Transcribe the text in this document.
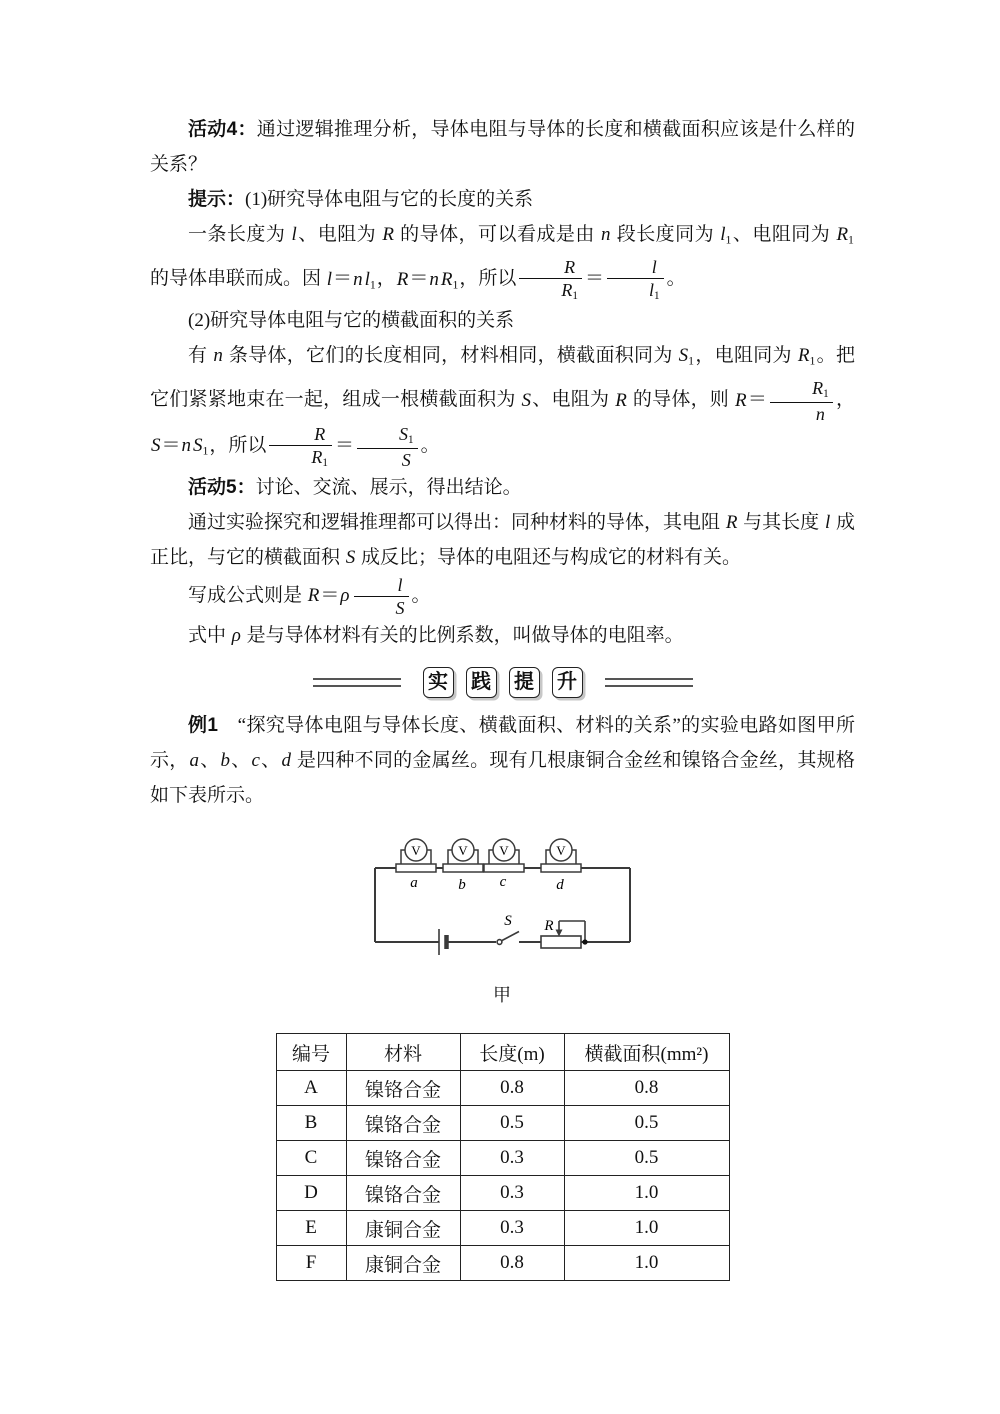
活动4：通过逻辑推理分析，导体电阻与导体的长度和横截面积应该是什么样的关系？

提示：(1)研究导体电阻与它的长度的关系

一条长度为 l、电阻为 R 的导体，可以看成是由 n 段长度同为 $l_1$、电阻同为 $R_1$ 的导体串联而成。因 l＝n $l_1$，R＝n $R_1$，所以 $\frac{R}{R_1} = \frac{l}{l_1}$ 。

(2)研究导体电阻与它的横截面积的关系

有 n 条导体，它们的长度相同，材料相同，横截面积同为 $S_1$，电阻同为 $R_1$。把它们紧紧地束在一起，组成一根横截面积为 S、电阻为 R 的导体，则 $R= \frac{R_1}{n}$ ，S＝n $S_1$，所以 $\frac{R}{R_1} = \frac{S_1}{S}$ 。

活动5：讨论、交流、展示，得出结论。

通过实验探究和逻辑推理都可以得出：同种材料的导体，其电阻 R 与其长度 l 成正比，与它的横截面积 S 成反比；导体的电阻还与构成它的材料有关。

写成公式则是 $R=\rho \frac{l}{S}$ 。

式中 ρ 是与导体材料有关的比例系数，叫做导体的电阻率。

实 践 提 升

例1　“探究导体电阻与导体长度、横截面积、材料的关系”的实验电路如图甲所示，a、b、c、d 是四种不同的金属丝。现有几根康铜合金丝和镍铬合金丝，其规格如下表所示。

S R
V
a
V
b
V
c
V
d
甲
编号	材料	长度(m)	横截面积(mm²)
A	镍铬合金	0.8	0.8
B	镍铬合金	0.5	0.5
C	镍铬合金	0.3	0.5
D	镍铬合金	0.3	1.0
E	康铜合金	0.3	1.0
F	康铜合金	0.8	1.0
